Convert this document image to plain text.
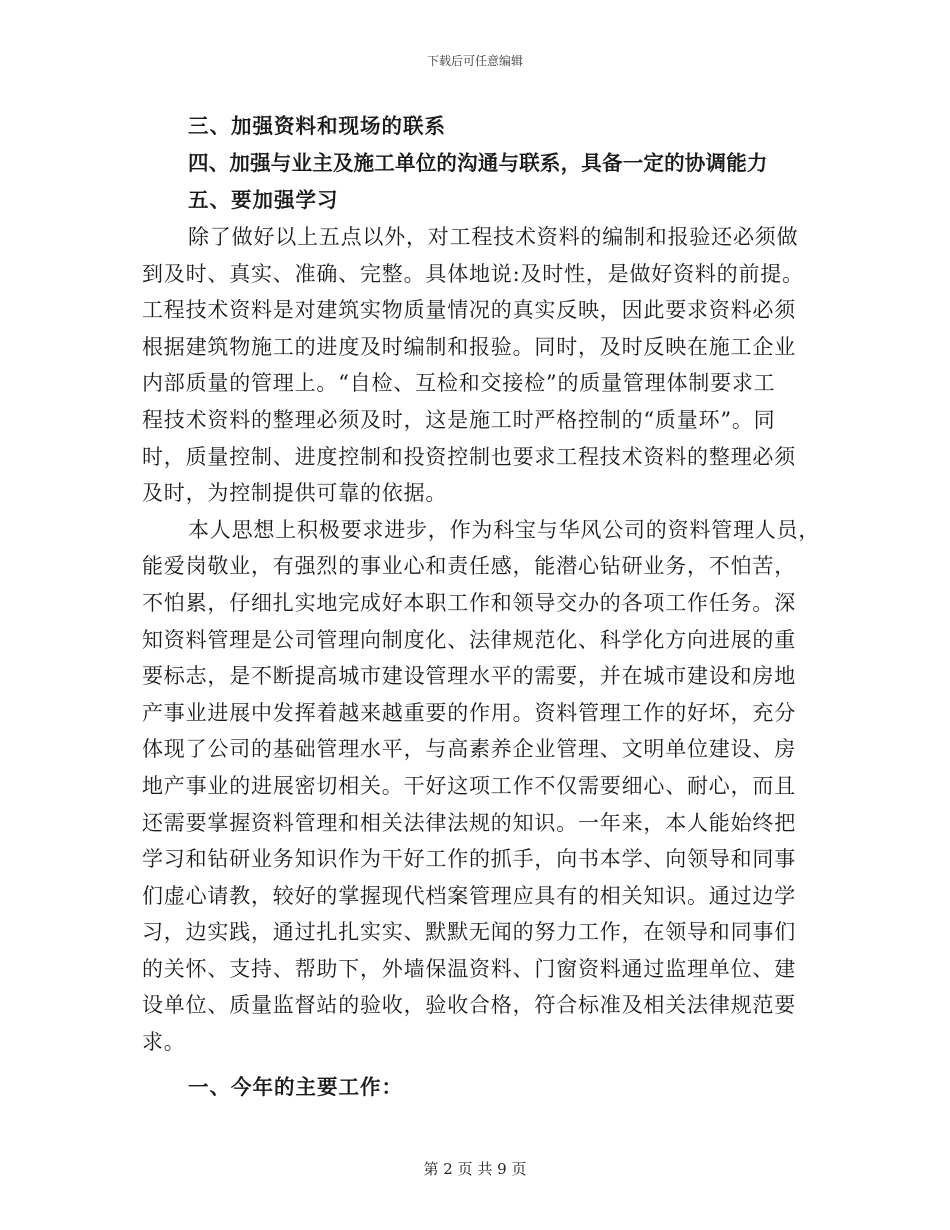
下载后可任意编辑

三、加强资料和现场的联系

四、加强与业主及施工单位的沟通与联系，具备一定的协调能力

五、要加强学习

除了做好以上五点以外，对工程技术资料的编制和报验还必须做
到及时、真实、准确、完整。具体地说:及时性，是做好资料的前提。
工程技术资料是对建筑实物质量情况的真实反映，因此要求资料必须
根据建筑物施工的进度及时编制和报验。同时，及时反映在施工企业
内部质量的管理上。“自检、互检和交接检”的质量管理体制要求工
程技术资料的整理必须及时，这是施工时严格控制的“质量环”。同
时，质量控制、进度控制和投资控制也要求工程技术资料的整理必须
及时，为控制提供可靠的依据。

本人思想上积极要求进步，作为科宝与华风公司的资料管理人员，
能爱岗敬业，有强烈的事业心和责任感，能潜心钻研业务，不怕苦，
不怕累，仔细扎实地完成好本职工作和领导交办的各项工作任务。深
知资料管理是公司管理向制度化、法律规范化、科学化方向进展的重
要标志，是不断提高城市建设管理水平的需要，并在城市建设和房地
产事业进展中发挥着越来越重要的作用。资料管理工作的好坏，充分
体现了公司的基础管理水平，与高素养企业管理、文明单位建设、房
地产事业的进展密切相关。干好这项工作不仅需要细心、耐心，而且
还需要掌握资料管理和相关法律法规的知识。一年来，本人能始终把
学习和钻研业务知识作为干好工作的抓手，向书本学、向领导和同事
们虚心请教，较好的掌握现代档案管理应具有的相关知识。通过边学
习，边实践，通过扎扎实实、默默无闻的努力工作，在领导和同事们
的关怀、支持、帮助下，外墙保温资料、门窗资料通过监理单位、建
设单位、质量监督站的验收，验收合格，符合标准及相关法律规范要
求。

一、今年的主要工作：

第 2 页 共 9 页
